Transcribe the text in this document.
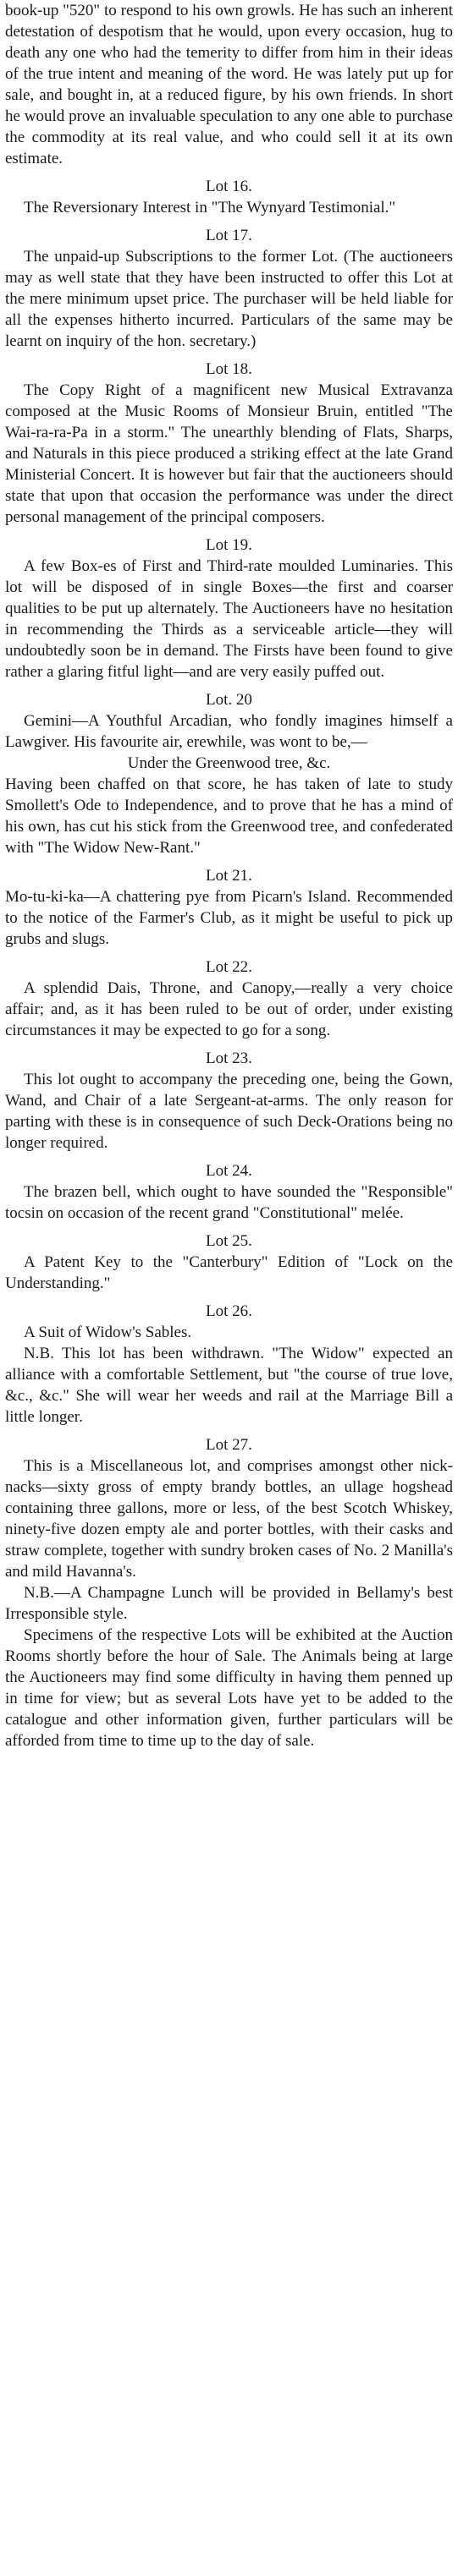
book-up "520" to respond to his own growls. He has such an inherent detestation of despotism that he would, upon every occasion, hug to death any one who had the temerity to differ from him in their ideas of the true intent and meaning of the word. He was lately put up for sale, and bought in, at a reduced figure, by his own friends. In short he would prove an invaluable speculation to any one able to purchase the commodity at its real value, and who could sell it at its own estimate.

Lot 16.

The Reversionary Interest in "The Wynyard Testimonial."

Lot 17.

The unpaid-up Subscriptions to the former Lot. (The auctioneers may as well state that they have been instructed to offer this Lot at the mere minimum upset price. The purchaser will be held liable for all the expenses hitherto incurred. Particulars of the same may be learnt on inquiry of the hon. secretary.)

Lot 18.

The Copy Right of a magnificent new Musical Extravanza composed at the Music Rooms of Monsieur Bruin, entitled "The Wai-ra-ra-Pa in a storm." The unearthly blending of Flats, Sharps, and Naturals in this piece produced a striking effect at the late Grand Ministerial Concert. It is however but fair that the auctioneers should state that upon that occasion the performance was under the direct personal management of the principal composers.

Lot 19.

A few Box-es of First and Third-rate moulded Luminaries. This lot will be disposed of in single Boxes—the first and coarser qualities to be put up alternately. The Auctioneers have no hesitation in recommending the Thirds as a serviceable article—they will undoubtedly soon be in demand. The Firsts have been found to give rather a glaring fitful light—and are very easily puffed out.

Lot. 20

Gemini—A Youthful Arcadian, who fondly imagines himself a Lawgiver. His favourite air, erewhile, was wont to be,—

Under the Greenwood tree, &c.

Having been chaffed on that score, he has taken of late to study Smollett's Ode to Independence, and to prove that he has a mind of his own, has cut his stick from the Greenwood tree, and confederated with "The Widow New-Rant."

Lot 21.

Mo-tu-ki-ka—A chattering pye from Picarn's Island. Recommended to the notice of the Farmer's Club, as it might be useful to pick up grubs and slugs.

Lot 22.

A splendid Dais, Throne, and Canopy,—really a very choice affair; and, as it has been ruled to be out of order, under existing circumstances it may be expected to go for a song.

Lot 23.

This lot ought to accompany the preceding one, being the Gown, Wand, and Chair of a late Sergeant-at-arms. The only reason for parting with these is in consequence of such Deck-Orations being no longer required.

Lot 24.

The brazen bell, which ought to have sounded the "Responsible" tocsin on occasion of the recent grand "Constitutional" melée.

Lot 25.

A Patent Key to the "Canterbury" Edition of "Lock on the Understanding."

Lot 26.

A Suit of Widow's Sables.

N.B. This lot has been withdrawn. "The Widow" expected an alliance with a comfortable Settlement, but "the course of true love, &c., &c." She will wear her weeds and rail at the Marriage Bill a little longer.

Lot 27.

This is a Miscellaneous lot, and comprises amongst other nick-nacks—sixty gross of empty brandy bottles, an ullage hogshead containing three gallons, more or less, of the best Scotch Whiskey, ninety-five dozen empty ale and porter bottles, with their casks and straw complete, together with sundry broken cases of No. 2 Manilla's and mild Havanna's.

N.B.—A Champagne Lunch will be provided in Bellamy's best Irresponsible style.

Specimens of the respective Lots will be exhibited at the Auction Rooms shortly before the hour of Sale. The Animals being at large the Auctioneers may find some difficulty in having them penned up in time for view; but as several Lots have yet to be added to the catalogue and other information given, further particulars will be afforded from time to time up to the day of sale.
